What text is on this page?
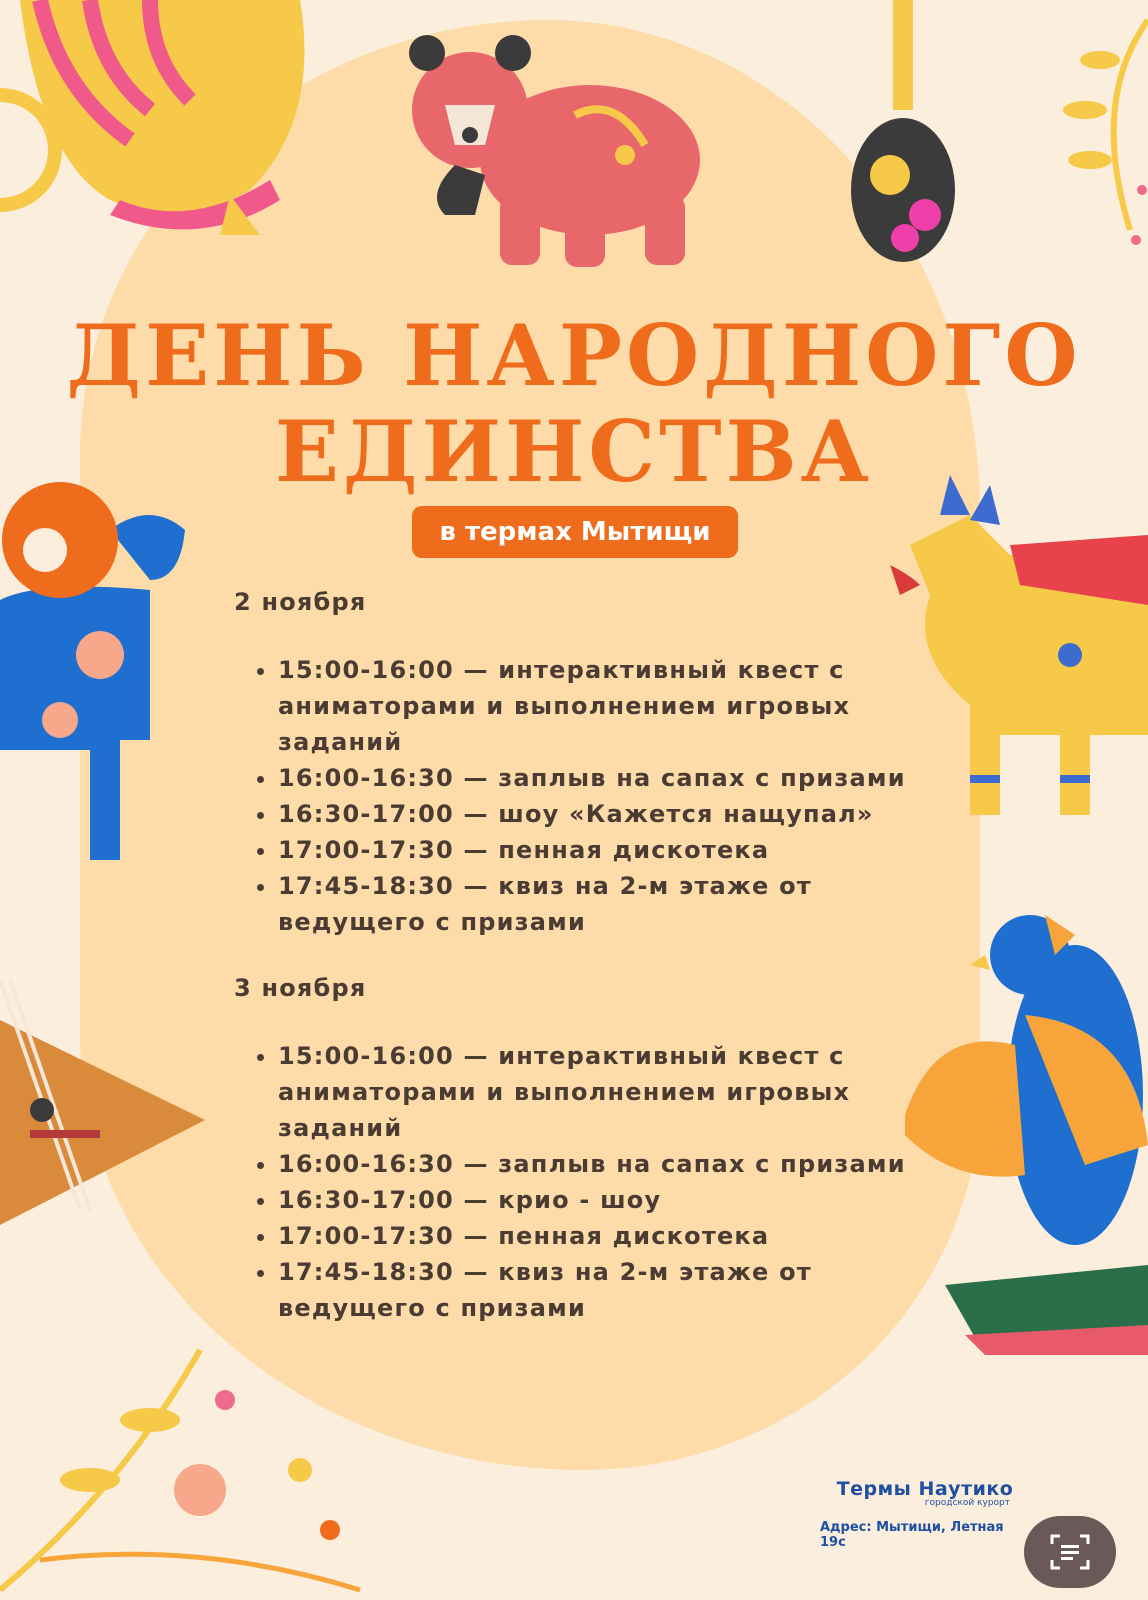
ДЕНЬ НАРОДНОГО
ЕДИНСТВА
в термах Мытищи

2 ноября

• 15:00-16:00 — интерактивный квест с аниматорами и выполнением игровых заданий
• 16:00-16:30 — заплыв на сапах с призами
• 16:30-17:00 — шоу «Кажется нащупал»
• 17:00-17:30 — пенная дискотека
• 17:45-18:30 — квиз на 2-м этаже от ведущего с призами

3 ноября

• 15:00-16:00 — интерактивный квест с аниматорами и выполнением игровых заданий
• 16:00-16:30 — заплыв на сапах с призами
• 16:30-17:00 — крио - шоу
• 17:00-17:30 — пенная дискотека
• 17:45-18:30 — квиз на 2-м этаже от ведущего с призами
Термы Наутико
городской курорт
Адрес: Мытищи, Летная 19с
